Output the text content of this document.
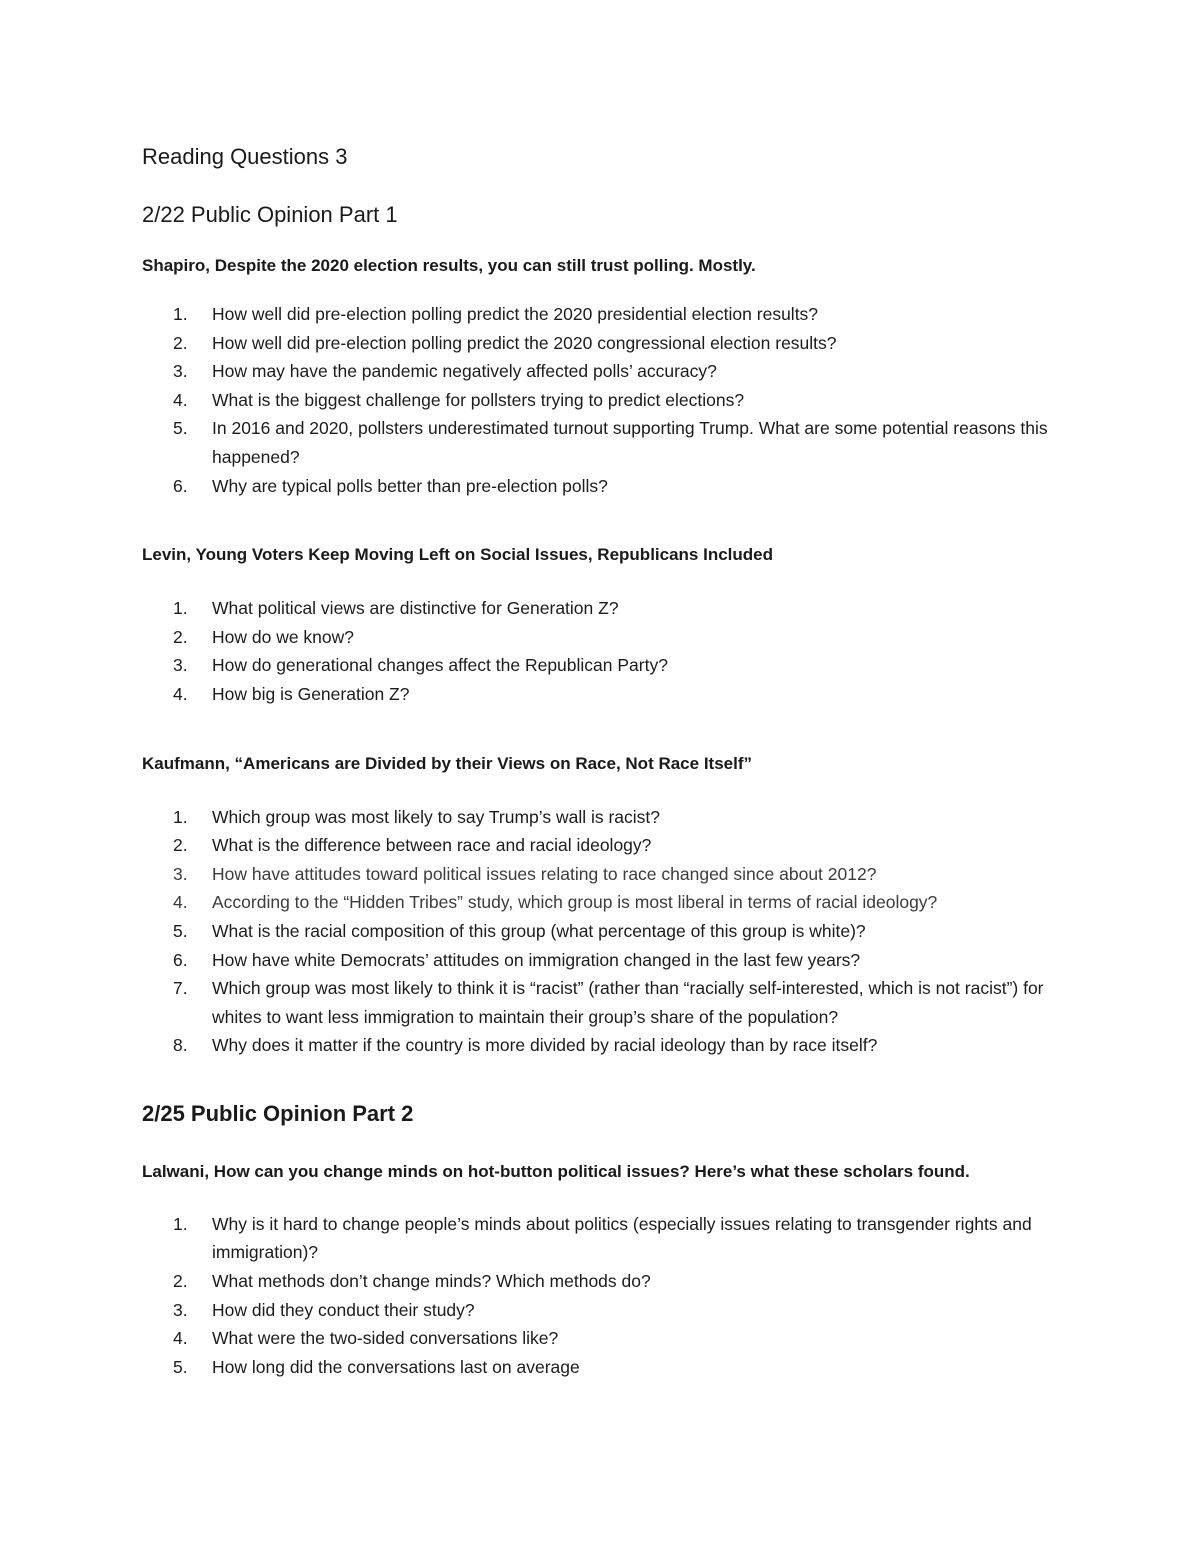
Reading Questions 3
2/22 Public Opinion Part 1

Shapiro, Despite the 2020 election results, you can still trust polling. Mostly.

1.	How well did pre-election polling predict the 2020 presidential election results?
2.	How well did pre-election polling predict the 2020 congressional election results?
3.	How may have the pandemic negatively affected polls’ accuracy?
4.	What is the biggest challenge for pollsters trying to predict elections?
5.	In 2016 and 2020, pollsters underestimated turnout supporting Trump. What are some potential reasons this happened?
6.	Why are typical polls better than pre-election polls?

Levin, Young Voters Keep Moving Left on Social Issues, Republicans Included

1.	What political views are distinctive for Generation Z?
2.	How do we know?
3.	How do generational changes affect the Republican Party?
4.	How big is Generation Z?

Kaufmann, “Americans are Divided by their Views on Race, Not Race Itself”

1.	Which group was most likely to say Trump’s wall is racist?
2.	What is the difference between race and racial ideology?
3.	How have attitudes toward political issues relating to race changed since about 2012?
4.	According to the “Hidden Tribes” study, which group is most liberal in terms of racial ideology?
5.	What is the racial composition of this group (what percentage of this group is white)?
6.	How have white Democrats’ attitudes on immigration changed in the last few years?
7.	Which group was most likely to think it is “racist” (rather than “racially self-interested, which is not racist”) for whites to want less immigration to maintain their group’s share of the population?
8.	Why does it matter if the country is more divided by racial ideology than by race itself?
2/25 Public Opinion Part 2

Lalwani, How can you change minds on hot-button political issues? Here’s what these scholars found.

1.	Why is it hard to change people’s minds about politics (especially issues relating to transgender rights and immigration)?
2.	What methods don’t change minds? Which methods do?
3.	How did they conduct their study?
4.	What were the two-sided conversations like?
5.	How long did the conversations last on average
